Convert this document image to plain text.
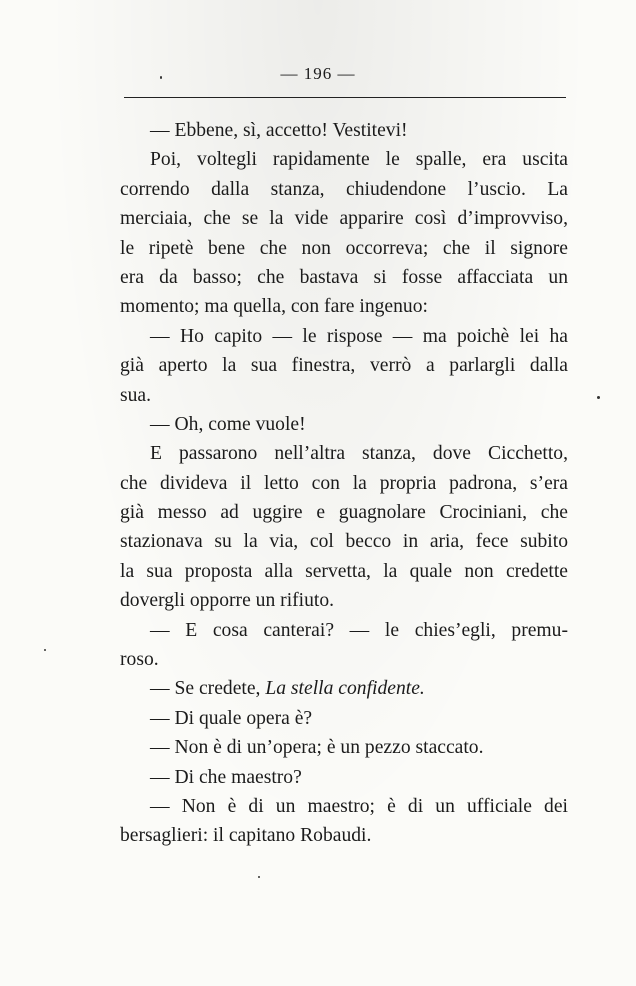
— 196 —
— Ebbene, sì, accetto! Vestitevi!
Poi, voltegli rapidamente le spalle, era uscita
correndo dalla stanza, chiudendone l’uscio. La
merciaia, che se la vide apparire così d’improvviso,
le ripetè bene che non occorreva; che il signore
era da basso; che bastava si fosse affacciata un
momento; ma quella, con fare ingenuo:
— Ho capito — le rispose — ma poichè lei ha
già aperto la sua finestra, verrò a parlargli dalla
sua.
— Oh, come vuole!
E passarono nell’altra stanza, dove Cicchetto,
che divideva il letto con la propria padrona, s’era
già messo ad uggire e guagnolare Crociniani, che
stazionava su la via, col becco in aria, fece subito
la sua proposta alla servetta, la quale non credette
dovergli opporre un rifiuto.
— E cosa canterai? — le chies’egli, premu-
roso.
— Se credete, La stella confidente.
— Di quale opera è?
— Non è di un’opera; è un pezzo staccato.
— Di che maestro?
— Non è di un maestro; è di un ufficiale dei
bersaglieri: il capitano Robaudi.
